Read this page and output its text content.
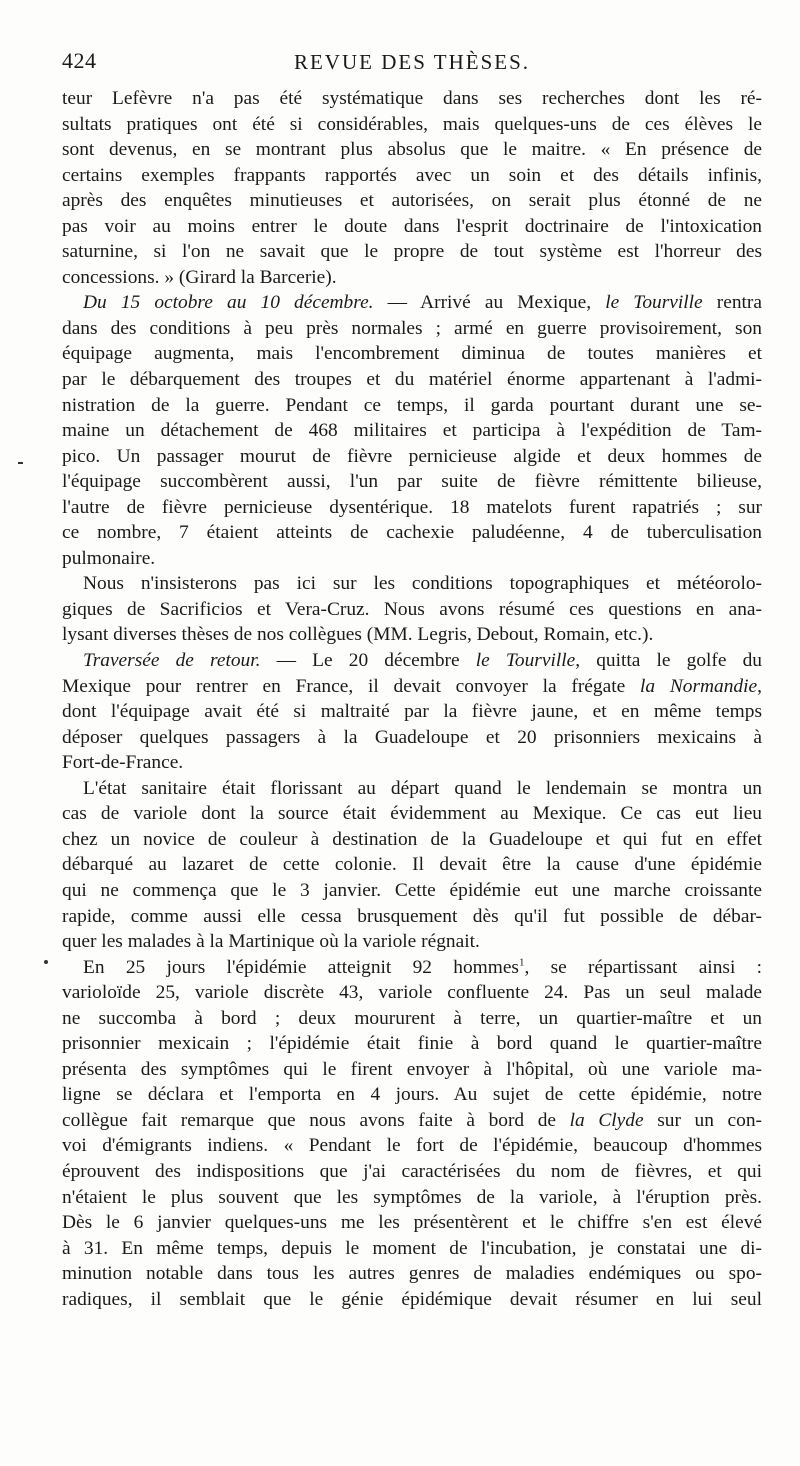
424	REVUE DES THÈSES.
teur Lefèvre n'a pas été systématique dans ses recherches dont les ré-
sultats pratiques ont été si considérables, mais quelques-uns de ces élèves le
sont devenus, en se montrant plus absolus que le maitre. « En présence de
certains exemples frappants rapportés avec un soin et des détails infinis,
après des enquêtes minutieuses et autorisées, on serait plus étonné de ne
pas voir au moins entrer le doute dans l'esprit doctrinaire de l'intoxication
saturnine, si l'on ne savait que le propre de tout système est l'horreur des
concessions. » (Girard la Barcerie).
Du 15 octobre au 10 décembre. — Arrivé au Mexique, le Tourville rentra
dans des conditions à peu près normales ; armé en guerre provisoirement, son
équipage augmenta, mais l'encombrement diminua de toutes manières et
par le débarquement des troupes et du matériel énorme appartenant à l'admi-
nistration de la guerre. Pendant ce temps, il garda pourtant durant une se-
maine un détachement de 468 militaires et participa à l'expédition de Tam-
pico. Un passager mourut de fièvre pernicieuse algide et deux hommes de
l'équipage succombèrent aussi, l'un par suite de fièvre rémittente bilieuse,
l'autre de fièvre pernicieuse dysentérique. 18 matelots furent rapatriés ; sur
ce nombre, 7 étaient atteints de cachexie paludéenne, 4 de tuberculisation
pulmonaire.
Nous n'insisterons pas ici sur les conditions topographiques et météorolo-
giques de Sacrificios et Vera-Cruz. Nous avons résumé ces questions en ana-
lysant diverses thèses de nos collègues (MM. Legris, Debout, Romain, etc.).
Traversée de retour. — Le 20 décembre le Tourville, quitta le golfe du
Mexique pour rentrer en France, il devait convoyer la frégate la Normandie,
dont l'équipage avait été si maltraité par la fièvre jaune, et en même temps
déposer quelques passagers à la Guadeloupe et 20 prisonniers mexicains à
Fort-de-France.
L'état sanitaire était florissant au départ quand le lendemain se montra un
cas de variole dont la source était évidemment au Mexique. Ce cas eut lieu
chez un novice de couleur à destination de la Guadeloupe et qui fut en effet
débarqué au lazaret de cette colonie. Il devait être la cause d'une épidémie
qui ne commença que le 3 janvier. Cette épidémie eut une marche croissante
rapide, comme aussi elle cessa brusquement dès qu'il fut possible de débar-
quer les malades à la Martinique où la variole régnait.
En 25 jours l'épidémie atteignit 92 hommes$^1$, se répartissant ainsi :
varioloïde 25, variole discrète 43, variole confluente 24. Pas un seul malade
ne succomba à bord ; deux moururent à terre, un quartier-maître et un
prisonnier mexicain ; l'épidémie était finie à bord quand le quartier-maître
présenta des symptômes qui le firent envoyer à l'hôpital, où une variole ma-
ligne se déclara et l'emporta en 4 jours. Au sujet de cette épidémie, notre
collègue fait remarque que nous avons faite à bord de la Clyde sur un con-
voi d'émigrants indiens. « Pendant le fort de l'épidémie, beaucoup d'hommes
éprouvent des indispositions que j'ai caractérisées du nom de fièvres, et qui
n'étaient le plus souvent que les symptômes de la variole, à l'éruption près.
Dès le 6 janvier quelques-uns me les présentèrent et le chiffre s'en est élevé
à 31. En même temps, depuis le moment de l'incubation, je constatai une di-
minution notable dans tous les autres genres de maladies endémiques ou spo-
radiques, il semblait que le génie épidémique devait résumer en lui seul
